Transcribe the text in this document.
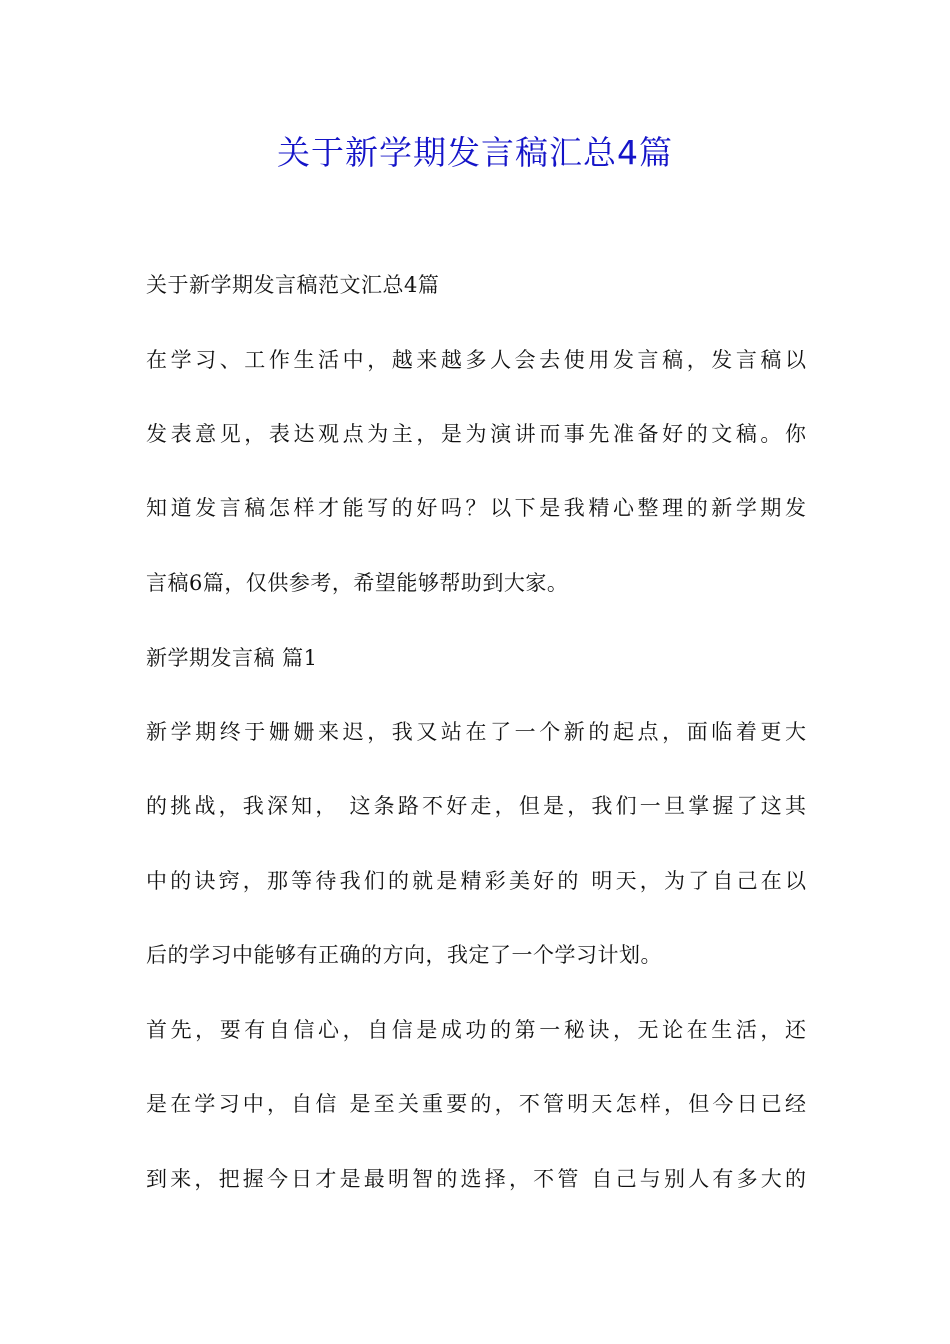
关于新学期发言稿汇总4篇

关于新学期发言稿范文汇总4篇

在学习、工作生活中，越来越多人会去使用发言稿，发言稿以

发表意见，表达观点为主，是为演讲而事先准备好的文稿。你

知道发言稿怎样才能写的好吗？以下是我精心整理的新学期发

言稿6篇，仅供参考，希望能够帮助到大家。

新学期发言稿 篇1

新学期终于姗姗来迟，我又站在了一个新的起点，面临着更大

的挑战，我深知， 这条路不好走，但是，我们一旦掌握了这其

中的诀窍，那等待我们的就是精彩美好的 明天，为了自己在以

后的学习中能够有正确的方向，我定了一个学习计划。

首先，要有自信心，自信是成功的第一秘诀，无论在生活，还

是在学习中，自信 是至关重要的，不管明天怎样，但今日已经

到来，把握今日才是最明智的选择，不管 自己与别人有多大的
